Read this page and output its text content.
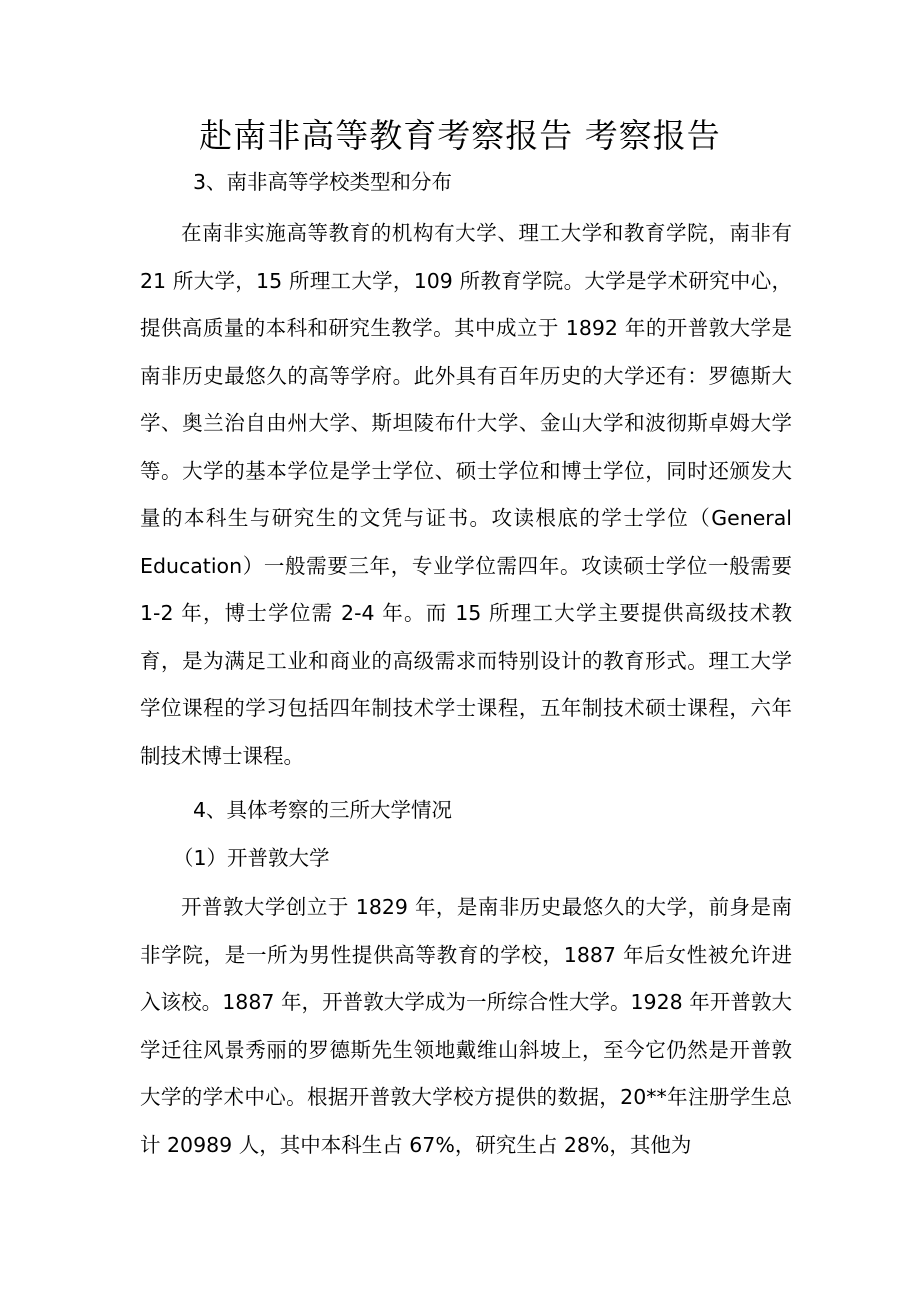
赴南非高等教育考察报告 考察报告
3、南非高等学校类型和分布
在南非实施高等教育的机构有大学、理工大学和教育学院，南非有 21 所大学，15 所理工大学，109 所教育学院。大学是学术研究中心，提供高质量的本科和研究生教学。其中成立于 1892 年的开普敦大学是南非历史最悠久的高等学府。此外具有百年历史的大学还有：罗德斯大学、奥兰治自由州大学、斯坦陵布什大学、金山大学和波彻斯卓姆大学等。大学的基本学位是学士学位、硕士学位和博士学位，同时还颁发大量的本科生与研究生的文凭与证书。攻读根底的学士学位（General Education）一般需要三年，专业学位需四年。攻读硕士学位一般需要 1-2 年，博士学位需 2-4 年。而 15 所理工大学主要提供高级技术教育，是为满足工业和商业的高级需求而特别设计的教育形式。理工大学学位课程的学习包括四年制技术学士课程，五年制技术硕士课程，六年制技术博士课程。
4、具体考察的三所大学情况
（1）开普敦大学
开普敦大学创立于 1829 年，是南非历史最悠久的大学，前身是南非学院，是一所为男性提供高等教育的学校，1887 年后女性被允许进入该校。1887 年，开普敦大学成为一所综合性大学。1928 年开普敦大学迁往风景秀丽的罗德斯先生领地戴维山斜坡上，至今它仍然是开普敦大学的学术中心。根据开普敦大学校方提供的数据，20**年注册学生总计 20989 人，其中本科生占 67%，研究生占 28%，其他为
